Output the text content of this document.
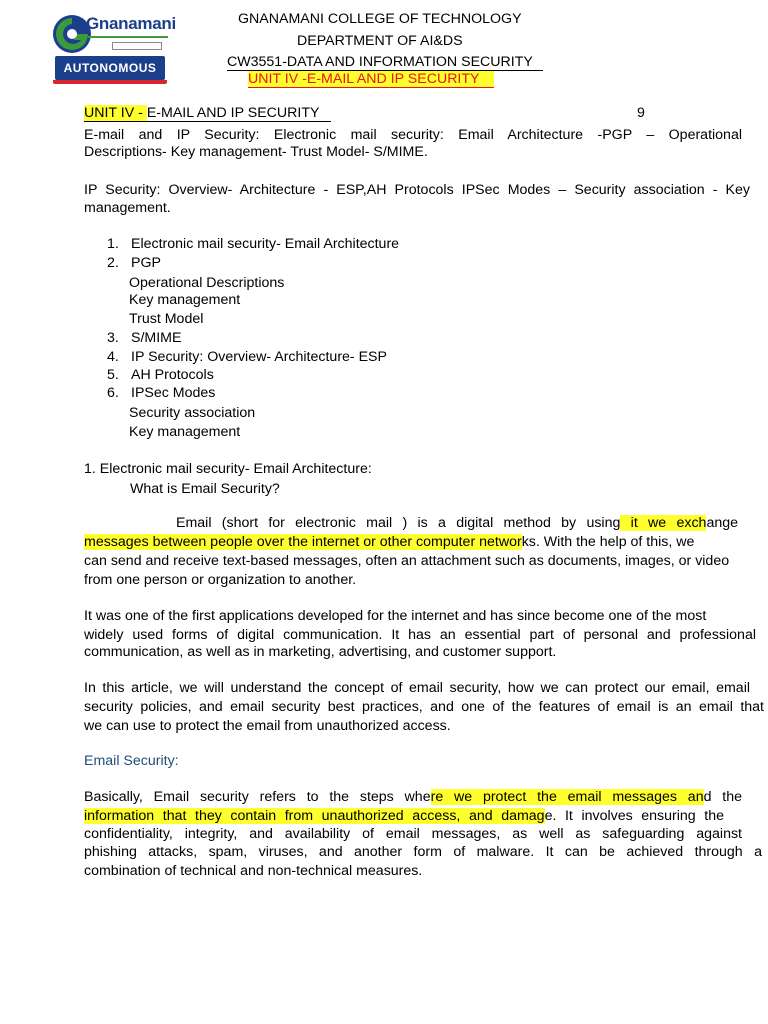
Gnanamani
AUTONOMOUS
GNANAMANI COLLEGE OF TECHNOLOGY
DEPARTMENT OF AI&DS
CW3551-DATA AND INFORMATION SECURITY
UNIT IV -E-MAIL AND IP SECURITY
UNIT IV - E-MAIL AND IP SECURITY	9
E-mail and IP Security: Electronic mail security: Email Architecture -PGP – Operational
Descriptions- Key management- Trust Model- S/MIME.
IP Security: Overview- Architecture - ESP,AH Protocols IPSec Modes – Security association - Key
management.
1. Electronic mail security- Email Architecture
2. PGP
Operational Descriptions
Key management
Trust Model
3. S/MIME
4. IP Security: Overview- Architecture- ESP
5. AH Protocols
6. IPSec Modes
Security association
Key management
1. Electronic mail security- Email Architecture:
What is Email Security?
Email (short for electronic mail ) is a digital method by using it we exchange
messages between people over the internet or other computer networks. With the help of this, we
can send and receive text-based messages, often an attachment such as documents, images, or video
from one person or organization to another.
It was one of the first applications developed for the internet and has since become one of the most
widely used forms of digital communication. It has an essential part of personal and professional
communication, as well as in marketing, advertising, and customer support.
In this article, we will understand the concept of email security, how we can protect our email, email
security policies, and email security best practices, and one of the features of email is an email that
we can use to protect the email from unauthorized access.
Email Security:
Basically, Email security refers to the steps where we protect the email messages and the
information that they contain from unauthorized access, and damage. It involves ensuring the
confidentiality, integrity, and availability of email messages, as well as safeguarding against
phishing attacks, spam, viruses, and another form of malware. It can be achieved through a
combination of technical and non-technical measures.
